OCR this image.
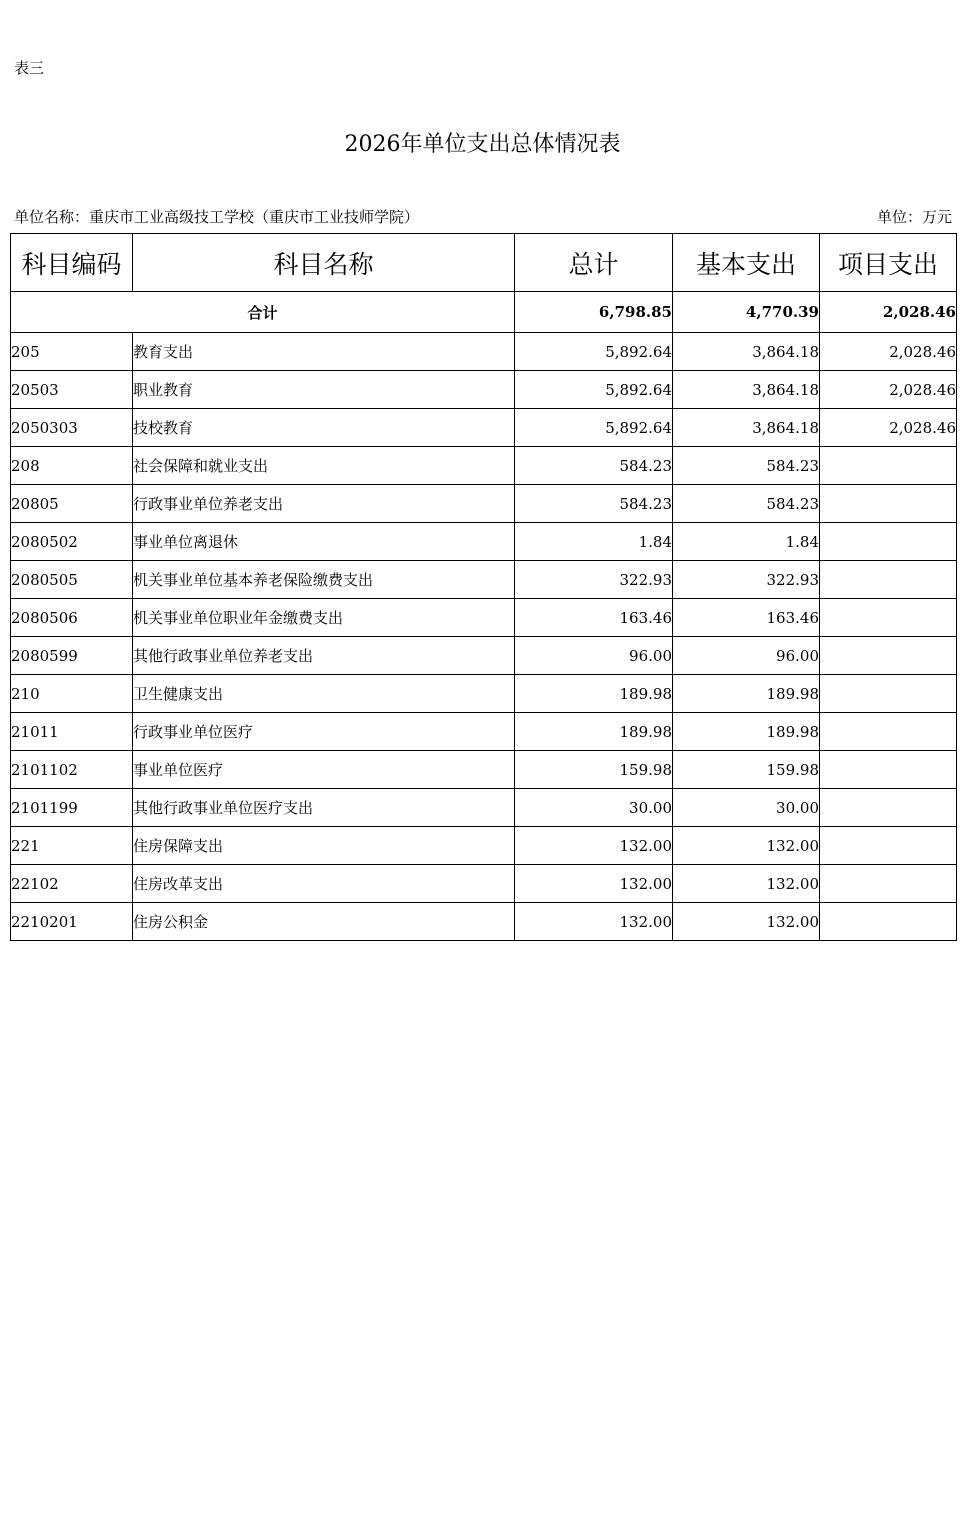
表三
2026年单位支出总体情况表
单位名称：重庆市工业高级技工学校（重庆市工业技师学院）	单位：万元
科目编码	科目名称	总计	基本支出	项目支出
合计		6,798.85	4,770.39	2,028.46
205	教育支出	5,892.64	3,864.18	2,028.46
20503	职业教育	5,892.64	3,864.18	2,028.46
2050303	技校教育	5,892.64	3,864.18	2,028.46
208	社会保障和就业支出	584.23	584.23	
20805	行政事业单位养老支出	584.23	584.23	
2080502	事业单位离退休	1.84	1.84	
2080505	机关事业单位基本养老保险缴费支出	322.93	322.93	
2080506	机关事业单位职业年金缴费支出	163.46	163.46	
2080599	其他行政事业单位养老支出	96.00	96.00	
210	卫生健康支出	189.98	189.98	
21011	行政事业单位医疗	189.98	189.98	
2101102	事业单位医疗	159.98	159.98	
2101199	其他行政事业单位医疗支出	30.00	30.00	
221	住房保障支出	132.00	132.00	
22102	住房改革支出	132.00	132.00	
2210201	住房公积金	132.00	132.00	
